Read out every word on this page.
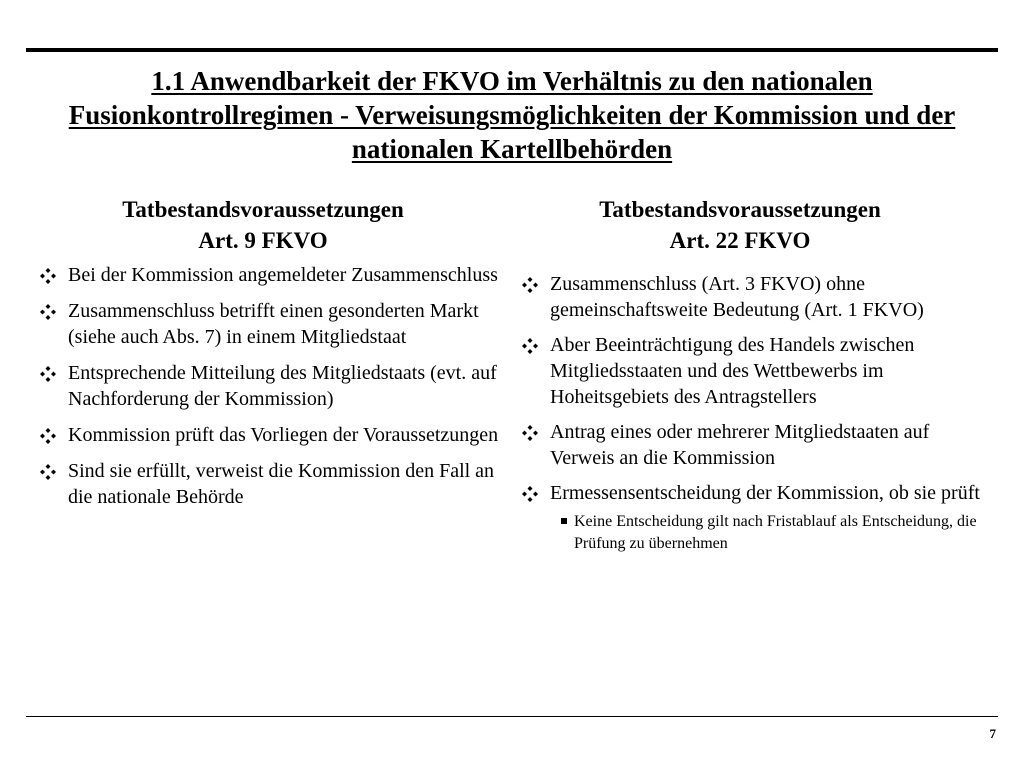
1.1 Anwendbarkeit der FKVO im Verhältnis zu den nationalen
Fusionkontrollregimen - Verweisungsmöglichkeiten der Kommission und der
nationalen Kartellbehörden
Tatbestandsvoraussetzungen
Art. 9 FKVO
Bei der Kommission angemeldeter Zusammenschluss
Zusammenschluss betrifft einen gesonderten Markt (siehe auch Abs. 7) in einem Mitgliedstaat
Entsprechende Mitteilung des Mitgliedstaats (evt. auf Nachforderung der Kommission)
Kommission prüft das Vorliegen der Voraussetzungen
Sind sie erfüllt, verweist die Kommission den Fall an die nationale Behörde
Tatbestandsvoraussetzungen
Art. 22 FKVO
Zusammenschluss (Art. 3 FKVO) ohne gemeinschaftsweite Bedeutung (Art. 1 FKVO)
Aber Beeinträchtigung des Handels zwischen Mitgliedsstaaten und des Wettbewerbs im Hoheitsgebiets des Antragstellers
Antrag eines oder mehrerer Mitgliedstaaten auf Verweis an die Kommission
Ermessensentscheidung der Kommission, ob sie prüft
Keine Entscheidung gilt nach Fristablauf als Entscheidung, die Prüfung zu übernehmen
7
